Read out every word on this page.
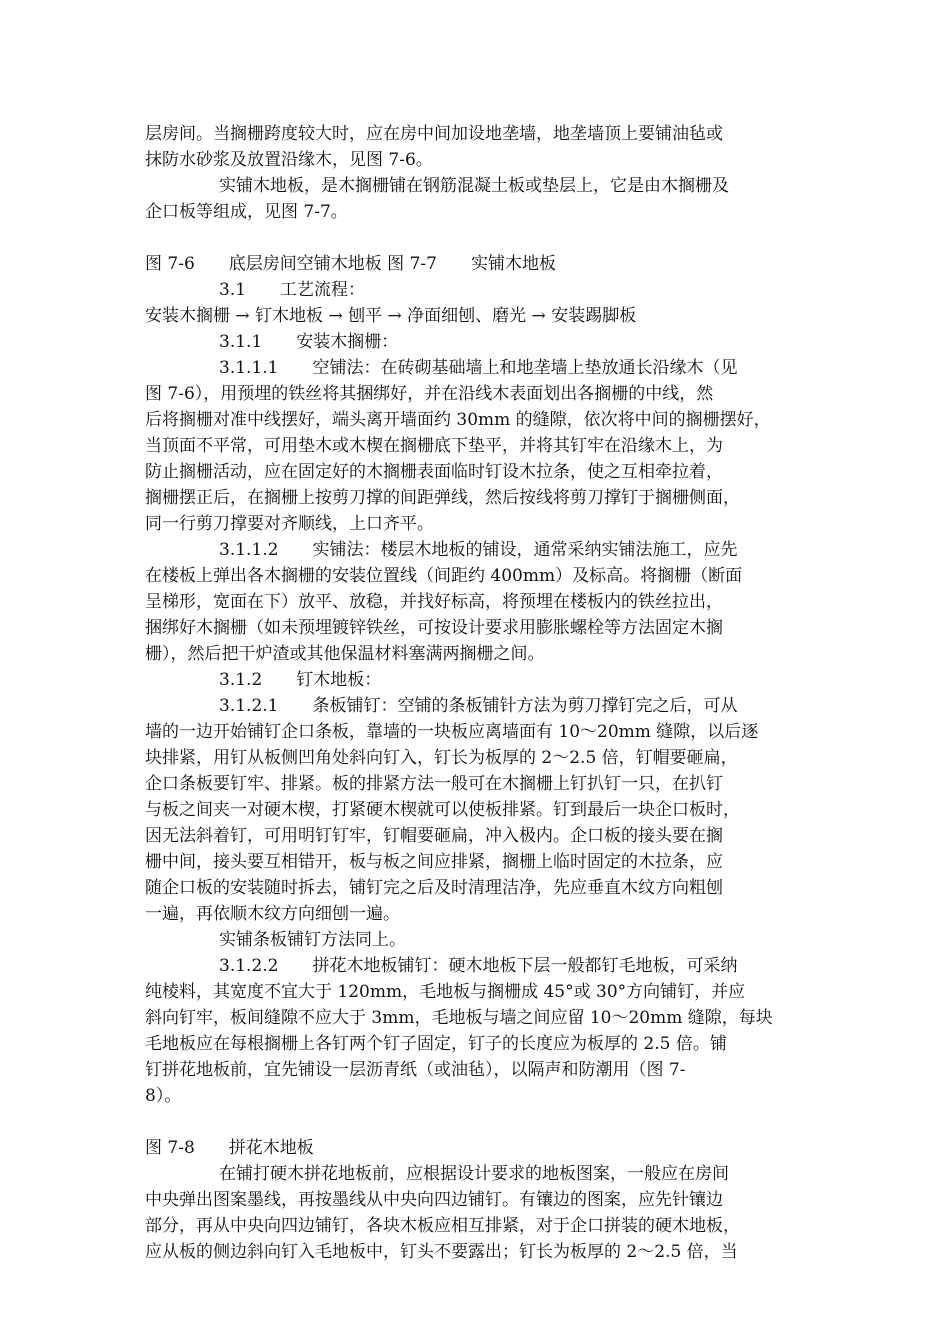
层房间。当搁栅跨度较大时，应在房中间加设地垄墙，地垄墙顶上要铺油毡或

抹防水砂浆及放置沿缘木，见图 7-6。

实铺木地板，是木搁栅铺在钢筋混凝土板或垫层上，它是由木搁栅及

企口板等组成，见图 7-7。

图 7-6　　底层房间空铺木地板 图 7-7　　实铺木地板

3.1　　工艺流程：

安装木搁栅 → 钉木地板 → 刨平 → 净面细刨、磨光 → 安装踢脚板

3.1.1　　安装木搁栅：

3.1.1.1　　空铺法：在砖砌基础墙上和地垄墙上垫放通长沿缘木（见

图 7-6），用预埋的铁丝将其捆绑好，并在沿线木表面划出各搁栅的中线，然

后将搁栅对准中线摆好，端头离开墙面约 30mm 的缝隙，依次将中间的搁栅摆好，

当顶面不平常，可用垫木或木楔在搁栅底下垫平，并将其钉牢在沿缘木上，为

防止搁栅活动，应在固定好的木搁栅表面临时钉设木拉条，使之互相牵拉着，

搁栅摆正后，在搁栅上按剪刀撑的间距弹线，然后按线将剪刀撑钉于搁栅侧面，

同一行剪刀撑要对齐顺线，上口齐平。

3.1.1.2　　实铺法：楼层木地板的铺设，通常采纳实铺法施工，应先

在楼板上弹出各木搁栅的安装位置线（间距约 400mm）及标高。将搁栅（断面

呈梯形，宽面在下）放平、放稳，并找好标高，将预埋在楼板内的铁丝拉出，

捆绑好木搁栅（如未预埋镀锌铁丝，可按设计要求用膨胀螺栓等方法固定木搁

栅），然后把干炉渣或其他保温材料塞满两搁栅之间。

3.1.2　　钉木地板：

3.1.2.1　　条板铺钉：空铺的条板铺针方法为剪刀撑钉完之后，可从

墙的一边开始铺钉企口条板，靠墙的一块板应离墙面有 10～20mm 缝隙，以后逐

块排紧，用钉从板侧凹角处斜向钉入，钉长为板厚的 2～2.5 倍，钉帽要砸扁，

企口条板要钉牢、排紧。板的排紧方法一般可在木搁栅上钉扒钉一只，在扒钉

与板之间夹一对硬木楔，打紧硬木楔就可以使板排紧。钉到最后一块企口板时，

因无法斜着钉，可用明钉钉牢，钉帽要砸扁，冲入极内。企口板的接头要在搁

栅中间，接头要互相错开，板与板之间应排紧，搁栅上临时固定的木拉条，应

随企口板的安装随时拆去，铺钉完之后及时清理洁净，先应垂直木纹方向粗刨

一遍，再依顺木纹方向细刨一遍。

实铺条板铺钉方法同上。

3.1.2.2　　拼花木地板铺钉：硬木地板下层一般都钉毛地板，可采纳

纯棱料，其宽度不宜大于 120mm，毛地板与搁栅成 45°或 30°方向铺钉，并应

斜向钉牢，板间缝隙不应大于 3mm，毛地板与墙之间应留 10～20mm 缝隙，每块

毛地板应在每根搁栅上各钉两个钉子固定，钉子的长度应为板厚的 2.5 倍。铺

钉拼花地板前，宜先铺设一层沥青纸（或油毡），以隔声和防潮用（图 7-

8）。

图 7-8　　拼花木地板

在铺打硬木拼花地板前，应根据设计要求的地板图案，一般应在房间

中央弹出图案墨线，再按墨线从中央向四边铺钉。有镶边的图案，应先针镶边

部分，再从中央向四边铺钉，各块木板应相互排紧，对于企口拼装的硬木地板，

应从板的侧边斜向钉入毛地板中，钉头不要露出；钉长为板厚的 2～2.5 倍，当
